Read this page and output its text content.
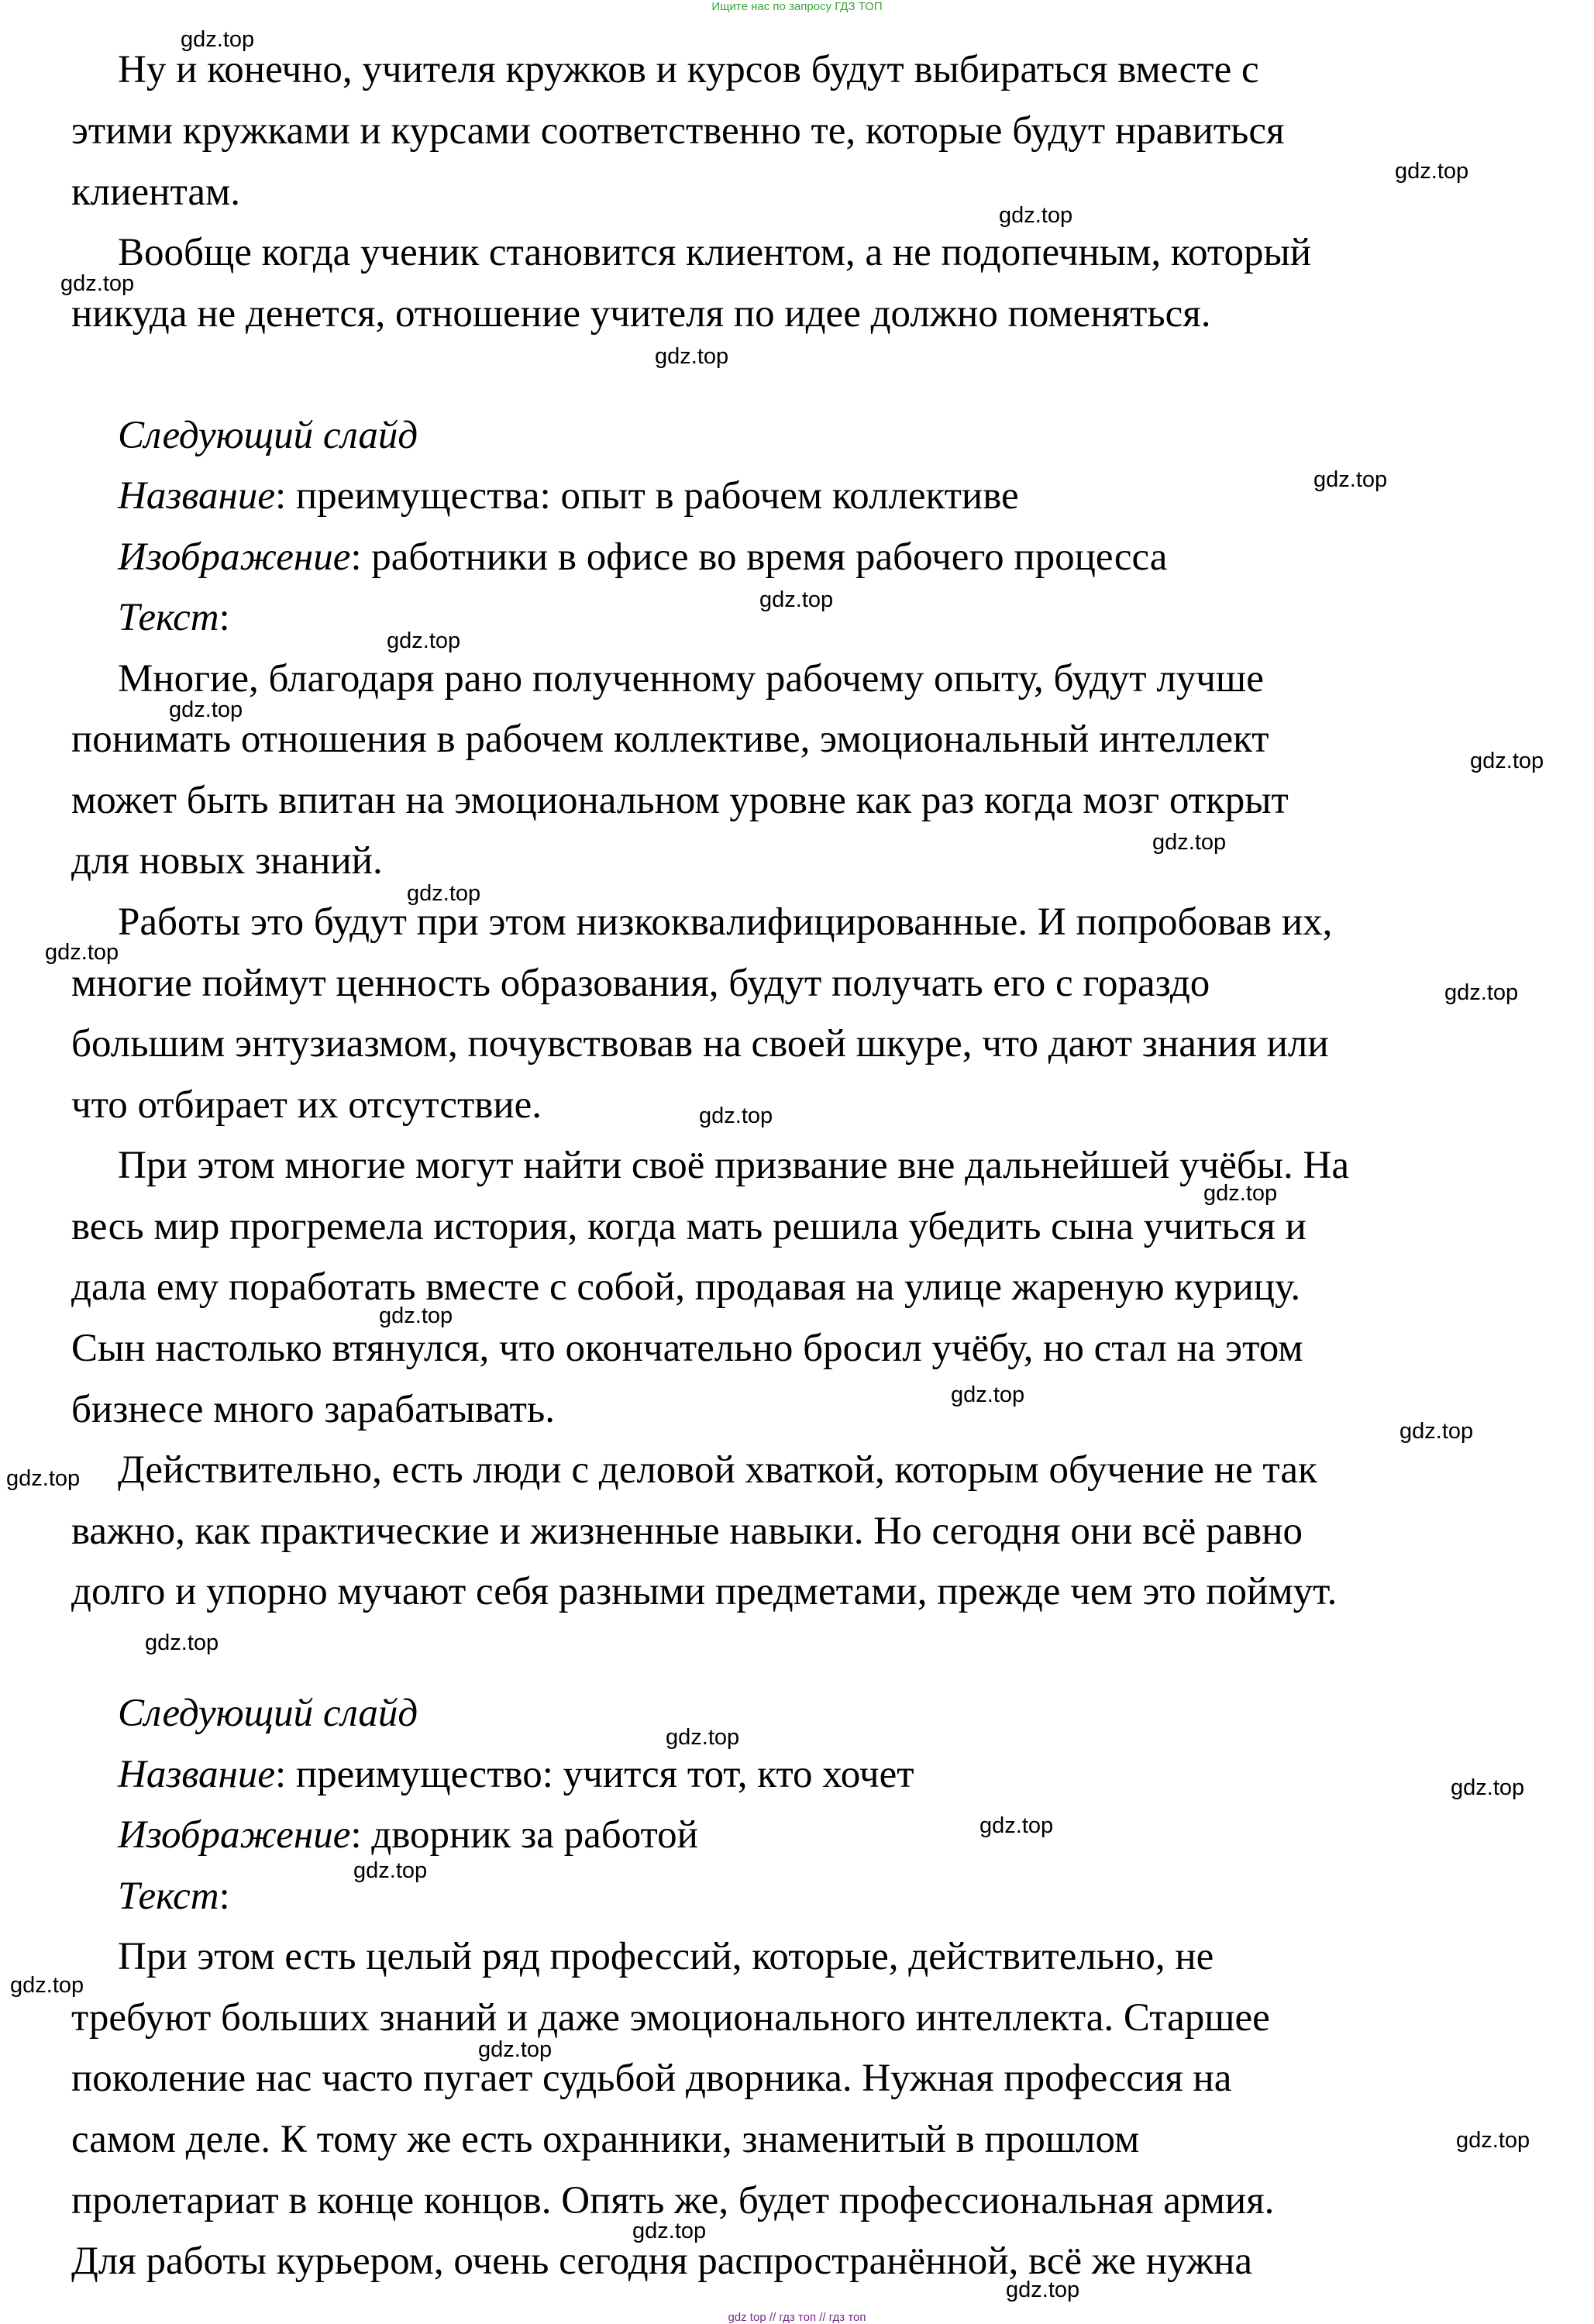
Ищите нас по запросу ГДЗ ТОП
Ну и конечно, учителя кружков и курсов будут выбираться вместе с
этими кружками и курсами соответственно те, которые будут нравиться
клиентам.
Вообще когда ученик становится клиентом, а не подопечным, который
никуда не денется, отношение учителя по идее должно поменяться.
Следующий слайд
Название: преимущества: опыт в рабочем коллективе
Изображение: работники в офисе во время рабочего процесса
Текст:
Многие, благодаря рано полученному рабочему опыту, будут лучше
понимать отношения в рабочем коллективе, эмоциональный интеллект
может быть впитан на эмоциональном уровне как раз когда мозг открыт
для новых знаний.
Работы это будут при этом низкоквалифицированные. И попробовав их,
многие поймут ценность образования, будут получать его с гораздо
большим энтузиазмом, почувствовав на своей шкуре, что дают знания или
что отбирает их отсутствие.
При этом многие могут найти своё призвание вне дальнейшей учёбы. На
весь мир прогремела история, когда мать решила убедить сына учиться и
дала ему поработать вместе с собой, продавая на улице жареную курицу.
Сын настолько втянулся, что окончательно бросил учёбу, но стал на этом
бизнесе много зарабатывать.
Действительно, есть люди с деловой хваткой, которым обучение не так
важно, как практические и жизненные навыки. Но сегодня они всё равно
долго и упорно мучают себя разными предметами, прежде чем это поймут.
Следующий слайд
Название: преимущество: учится тот, кто хочет
Изображение: дворник за работой
Текст:
При этом есть целый ряд профессий, которые, действительно, не
требуют больших знаний и даже эмоционального интеллекта. Старшее
поколение нас часто пугает судьбой дворника. Нужная профессия на
самом деле. К тому же есть охранники, знаменитый в прошлом
пролетариат в конце концов. Опять же, будет профессиональная армия.
Для работы курьером, очень сегодня распространённой, всё же нужна
gdz.top
gdz.top
gdz.top
gdz.top
gdz.top
gdz.top
gdz.top
gdz.top
gdz.top
gdz.top
gdz.top
gdz.top
gdz.top
gdz.top
gdz.top
gdz.top
gdz.top
gdz.top
gdz.top
gdz.top
gdz.top
gdz.top
gdz.top
gdz.top
gdz.top
gdz.top
gdz.top
gdz.top
gdz.top
gdz.top
gdz top // гдз топ // гдз топ
